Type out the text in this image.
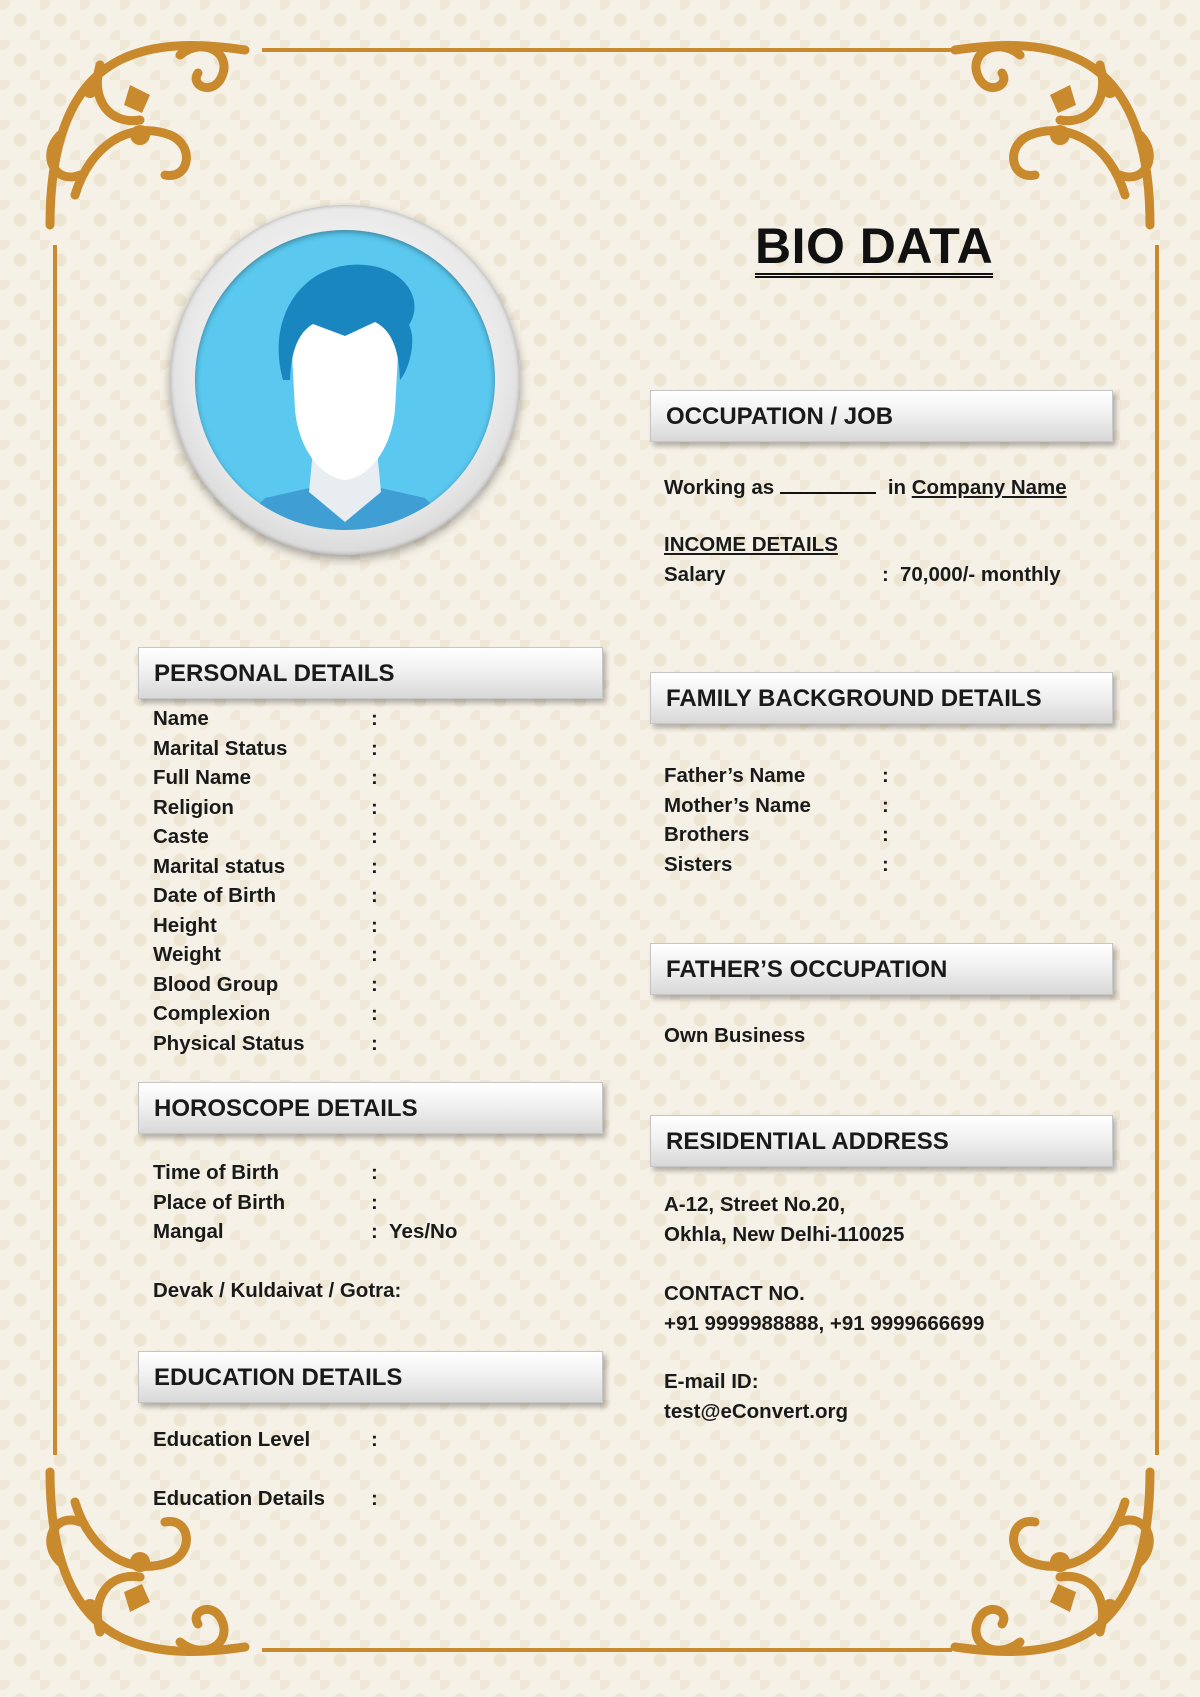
BIO DATA
OCCUPATION / JOB
Working as	in Company Name
INCOME DETAILS
Salary	: 70,000/- monthly
PERSONAL DETAILS
Name	:
Marital Status	:
Full Name	:
Religion	:
Caste	:
Marital status	:
Date of Birth	:
Height	:
Weight	:
Blood Group	:
Complexion	:
Physical Status	:
FAMILY BACKGROUND DETAILS
Father’s Name	:
Mother’s Name	:
Brothers	:
Sisters	:
FATHER’S OCCUPATION
Own Business
HOROSCOPE DETAILS
Time of Birth	:
Place of Birth	:
Mangal	: Yes/No
Devak / Kuldaivat / Gotra:
RESIDENTIAL ADDRESS
A-12, Street No.20,
Okhla, New Delhi-110025
CONTACT NO.
+91 9999988888, +91 9999666699
E-mail ID:
test@eConvert.org
EDUCATION DETAILS
Education Level	:
Education Details :
